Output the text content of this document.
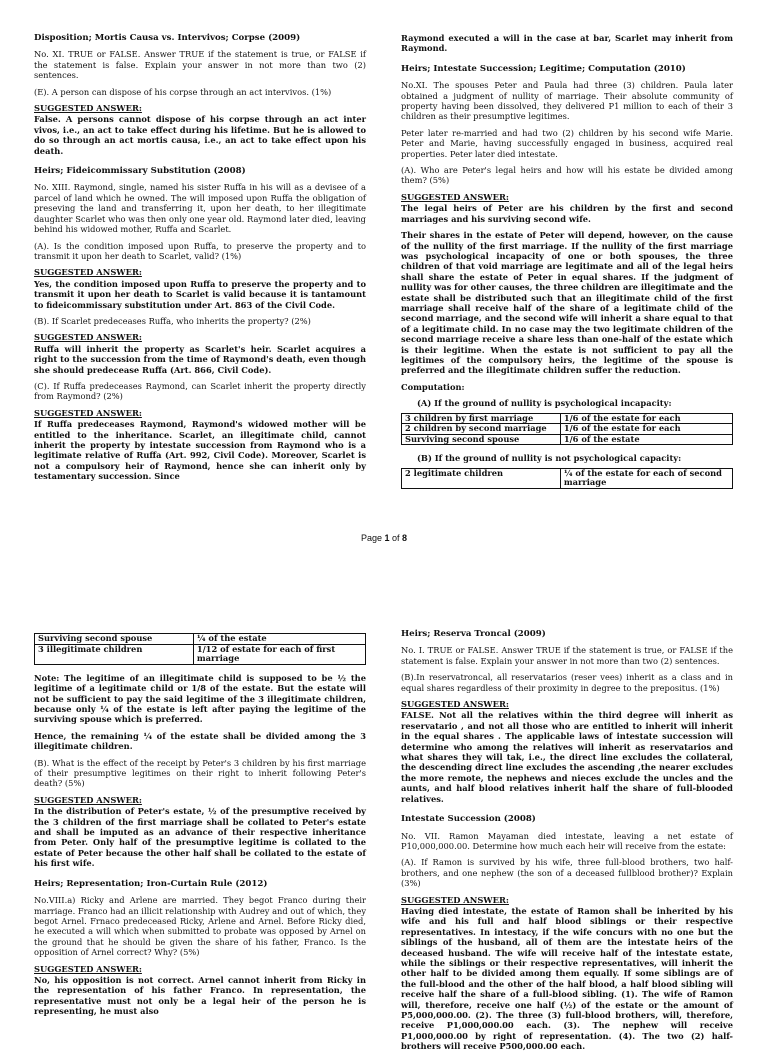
Disposition; Mortis Causa vs. Intervivos; Corpse (2009)

No. XI. TRUE or FALSE. Answer TRUE if the statement is true, or FALSE if the statement is false. Explain your answer in not more than two (2) sentences.

(E). A person can dispose of his corpse through an act intervivos. (1%)

SUGGESTED ANSWER:

False. A persons cannot dispose of his corpse through an act inter vivos, i.e., an act to take effect during his lifetime. But he is allowed to do so through an act mortis causa, i.e., an act to take effect upon his death.

Heirs; Fideicommissary Substitution (2008)

No. XIII. Raymond, single, named his sister Ruffa in his will as a devisee of a parcel of land which he owned. The will imposed upon Ruffa the obligation of preseving the land and transferring it, upon her death, to her illegitimate daughter Scarlet who was then only one year old. Raymond later died, leaving behind his widowed mother, Ruffa and Scarlet.

(A). Is the condition imposed upon Ruffa, to preserve the property and to transmit it upon her death to Scarlet, valid? (1%)

SUGGESTED ANSWER:

Yes, the condition imposed upon Ruffa to preserve the property and to transmit it upon her death to Scarlet is valid because it is tantamount to fideicommissary substitution under Art. 863 of the Civil Code.

(B). If Scarlet predeceases Ruffa, who inherits the property? (2%)

SUGGESTED ANSWER:

Ruffa will inherit the property as Scarlet's heir. Scarlet acquires a right to the succession from the time of Raymond's death, even though she should predecease Ruffa (Art. 866, Civil Code).

(C). If Ruffa predeceases Raymond, can Scarlet inherit the property directly from Raymond? (2%)

SUGGESTED ANSWER:

If Ruffa predeceases Raymond, Raymond's widowed mother will be entitled to the inheritance. Scarlet, an illegitimate child, cannot inherit the property by intestate succession from Raymond who is a legitimate relative of Ruffa (Art. 992, Civil Code). Moreover, Scarlet is not a compulsory heir of Raymond, hence she can inherit only by testamentary succession. Since

Raymond executed a will in the case at bar, Scarlet may inherit from Raymond.

Heirs; Intestate Succession; Legitime; Computation (2010)

No.XI. The spouses Peter and Paula had three (3) children. Paula later obtained a judgment of nullity of marriage. Their absolute community of property having been dissolved, they delivered P1 million to each of their 3 children as their presumptive legitimes.

Peter later re-married and had two (2) children by his second wife Marie. Peter and Marie, having successfully engaged in business, acquired real properties. Peter later died intestate.

(A). Who are Peter's legal heirs and how will his estate be divided among them? (5%)

SUGGESTED ANSWER:

The legal heirs of Peter are his children by the first and second marriages and his surviving second wife.

Their shares in the estate of Peter will depend, however, on the cause of the nullity of the first marriage. If the nullity of the first marriage was psychological incapacity of one or both spouses, the three children of that void marriage are legitimate and all of the legal heirs shall share the estate of Peter in equal shares. If the judgment of nullity was for other causes, the three children are illegitimate and the estate shall be distributed such that an illegitimate child of the first marriage shall receive half of the share of a legitimate child of the second marriage, and the second wife will inherit a share equal to that of a legitimate child. In no case may the two legitimate children of the second marriage receive a share less than one-half of the estate which is their legitime. When the estate is not sufficient to pay all the legitimes of the compulsory heirs, the legitime of the spouse is preferred and the illegitimate children suffer the reduction.

Computation:

(A) If the ground of nullity is psychological incapacity:

3 children by first marriage	1/6 of the estate for each
2 children by second marriage	1/6 of the estate for each
Surviving second spouse	1/6 of the estate

(B) If the ground of nullity is not psychological capacity:

2 legitimate children	¼ of the estate for each of second marriage
Page 1 of 8
Surviving second spouse	¼ of the estate
3 illegitimate children	1/12 of estate for each of first marriage

Note: The legitime of an illegitimate child is supposed to be ½ the legitime of a legitimate child or 1/8 of the estate. But the estate will not be sufficient to pay the said legitime of the 3 illegitimate children, because only ¼ of the estate is left after paying the legitime of the surviving spouse which is preferred.

Hence, the remaining ¼ of the estate shall be divided among the 3 illegitimate children.

(B). What is the effect of the receipt by Peter's 3 children by his first marriage of their presumptive legitimes on their right to inherit following Peter's death? (5%)

SUGGESTED ANSWER:

In the distribution of Peter's estate, ½ of the presumptive received by the 3 children of the first marriage shall be collated to Peter's estate and shall be imputed as an advance of their respective inheritance from Peter. Only half of the presumptive legitime is collated to the estate of Peter because the other half shall be collated to the estate of his first wife.

Heirs; Representation; Iron-Curtain Rule (2012)

No.VIII.a) Ricky and Arlene are married. They begot Franco during their marriage. Franco had an illicit relationship with Audrey and out of which, they begot Arnel. Frnaco predeceased Ricky, Arlene and Arnel. Before Ricky died, he executed a will which when submitted to probate was opposed by Arnel on the ground that he should be given the share of his father, Franco. Is the opposition of Arnel correct? Why? (5%)

SUGGESTED ANSWER:

No, his opposition is not correct. Arnel cannot inherit from Ricky in the representation of his father Franco. In representation, the representative must not only be a legal heir of the person he is representing, he must also

Heirs; Reserva Troncal (2009)

No. I. TRUE or FALSE. Answer TRUE if the statement is true, or FALSE if the statement is false. Explain your answer in not more than two (2) sentences.

(B).In reservatroncal, all reservatarios (reser vees) inherit as a class and in equal shares regardless of their proximity in degree to the prepositus. (1%)

SUGGESTED ANSWER:

FALSE. Not all the relatives within the third degree will inherit as reservatario , and not all those who are entitled to inherit will inherit in the equal shares . The applicable laws of intestate succession will determine who among the relatives will inherit as reservatarios and what shares they will tak, i.e., the direct line excludes the collateral, the descending direct line excludes the ascending ,the nearer excludes the more remote, the nephews and nieces exclude the uncles and the aunts, and half blood relatives inherit half the share of full-blooded relatives.

Intestate Succession (2008)

No. VII. Ramon Mayaman died intestate, leaving a net estate of P10,000,000.00. Determine how much each heir will receive from the estate:

(A). If Ramon is survived by his wife, three full-blood brothers, two half-brothers, and one nephew (the son of a deceased fullblood brother)? Explain (3%)

SUGGESTED ANSWER:

Having died intestate, the estate of Ramon shall be inherited by his wife and his full and half blood siblings or their respective representatives. In intestacy, if the wife concurs with no one but the siblings of the husband, all of them are the intestate heirs of the deceased husband. The wife will receive half of the intestate estate, while the siblings or their respective representatives, will inherit the other half to be divided among them equally. If some siblings are of the full-blood and the other of the half blood, a half blood sibling will receive half the share of a full-blood sibling. (1). The wife of Ramon will, therefore, receive one half (½) of the estate or the amount of P5,000,000.00. (2). The three (3) full-blood brothers, will, therefore, receive P1,000,000.00 each. (3). The nephew will receive P1,000,000.00 by right of representation. (4). The two (2) half-brothers will receive P500,000.00 each.
